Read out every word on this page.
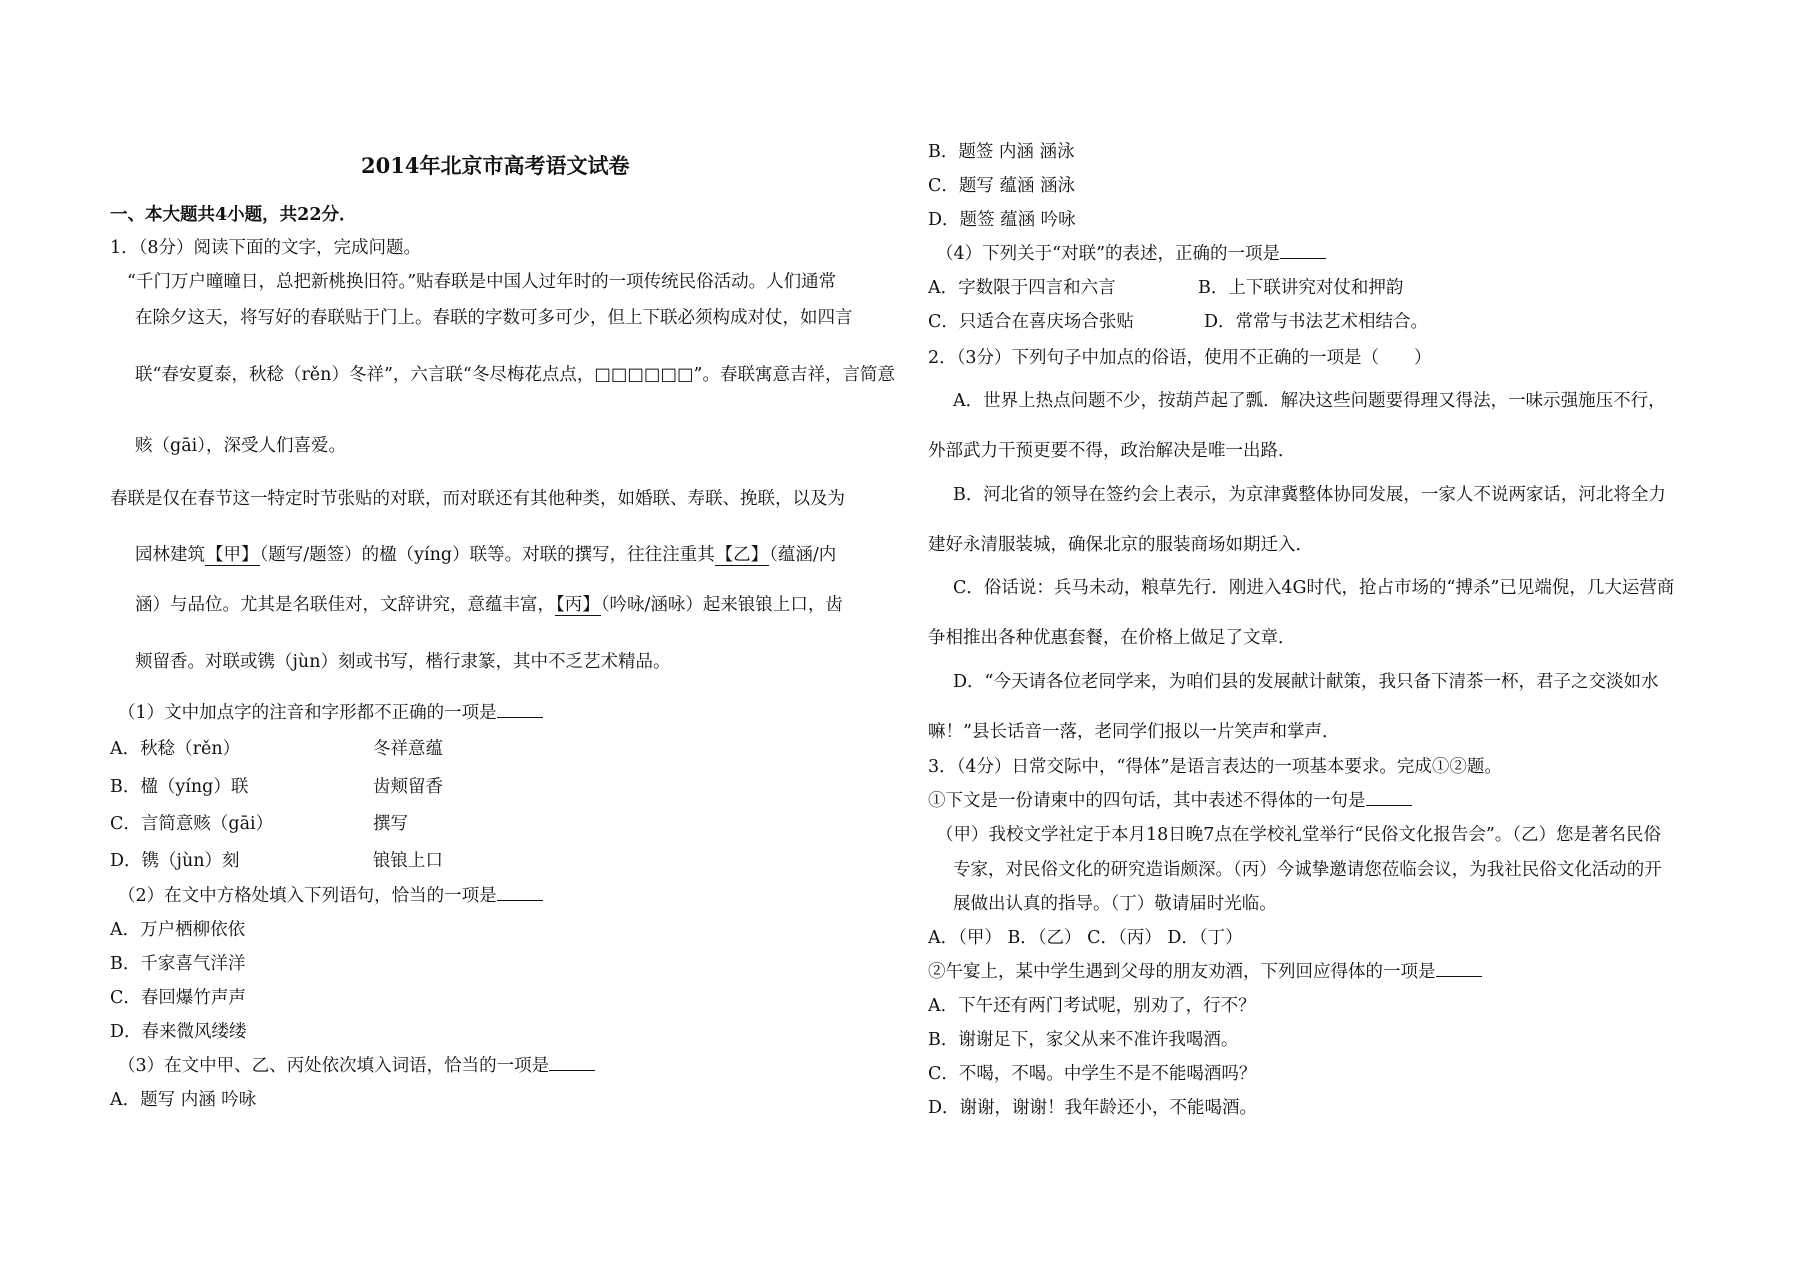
2014年北京市高考语文试卷
一、本大题共4小题，共22分．
1．（8分）阅读下面的文字，完成问题。
“千门万户曈曈日，总把新桃换旧符。”贴春联是中国人过年时的一项传统民俗活动。人们通常
在除夕这天，将写好的春联贴于门上。春联的字数可多可少，但上下联必须构成对仗，如四言
联“春安夏泰，秋稔（rěn）冬祥”，六言联“冬尽梅花点点，□□□□□□”。春联寓意吉祥，言简意
赅（gāi），深受人们喜爱。
春联是仅在春节这一特定时节张贴的对联，而对联还有其他种类，如婚联、寿联、挽联，以及为
园林建筑【甲】（题写/题签）的楹（yíng）联等。对联的撰写，往往注重其【乙】（蕴涵/内
涵）与品位。尤其是名联佳对，文辞讲究，意蕴丰富，【丙】（吟咏/涵咏）起来锒锒上口，齿
颊留香。对联或镌（jùn）刻或书写，楷行隶篆，其中不乏艺术精品。
（1）文中加点字的注音和字形都不正确的一项是
A．秋稔（rěn）	冬祥意蕴
B．楹（yíng）联	齿颊留香
C．言简意赅（gāi）	撰写
D．镌（jùn）刻	锒锒上口
（2）在文中方格处填入下列语句，恰当的一项是
A．万户栖柳依依
B．千家喜气洋洋
C．春回爆竹声声
D．春来微风缕缕
（3）在文中甲、乙、丙处依次填入词语，恰当的一项是
A．题写 内涵 吟咏
B．题签 内涵 涵泳
C．题写 蕴涵 涵泳
D．题签 蕴涵 吟咏
（4）下列关于“对联”的表述，正确的一项是
A．字数限于四言和六言	B．上下联讲究对仗和押韵
C．只适合在喜庆场合张贴	D．常常与书法艺术相结合。
2．（3分）下列句子中加点的俗语，使用不正确的一项是（　　）
A．世界上热点问题不少，按葫芦起了瓢．解决这些问题要得理又得法，一味示强施压不行，
外部武力干预更要不得，政治解决是唯一出路．
B．河北省的领导在签约会上表示，为京津冀整体协同发展，一家人不说两家话，河北将全力
建好永清服装城，确保北京的服装商场如期迁入．
C．俗话说：兵马未动，粮草先行．刚进入4G时代，抢占市场的“搏杀”已见端倪，几大运营商
争相推出各种优惠套餐，在价格上做足了文章．
D．“今天请各位老同学来，为咱们县的发展献计献策，我只备下清茶一杯，君子之交淡如水
嘛！”县长话音一落，老同学们报以一片笑声和掌声．
3．（4分）日常交际中，“得体”是语言表达的一项基本要求。完成①②题。
①下文是一份请柬中的四句话，其中表述不得体的一句是
（甲）我校文学社定于本月18日晚7点在学校礼堂举行“民俗文化报告会”。（乙）您是著名民俗
专家，对民俗文化的研究造诣颇深。（丙）今诚挚邀请您莅临会议，为我社民俗文化活动的开
展做出认真的指导。（丁）敬请届时光临。
A．（甲） B．（乙） C．（丙） D．（丁）
②午宴上，某中学生遇到父母的朋友劝酒，下列回应得体的一项是
A．下午还有两门考试呢，别劝了，行不？
B．谢谢足下，家父从来不准许我喝酒。
C．不喝，不喝。中学生不是不能喝酒吗？
D．谢谢，谢谢！我年龄还小，不能喝酒。
